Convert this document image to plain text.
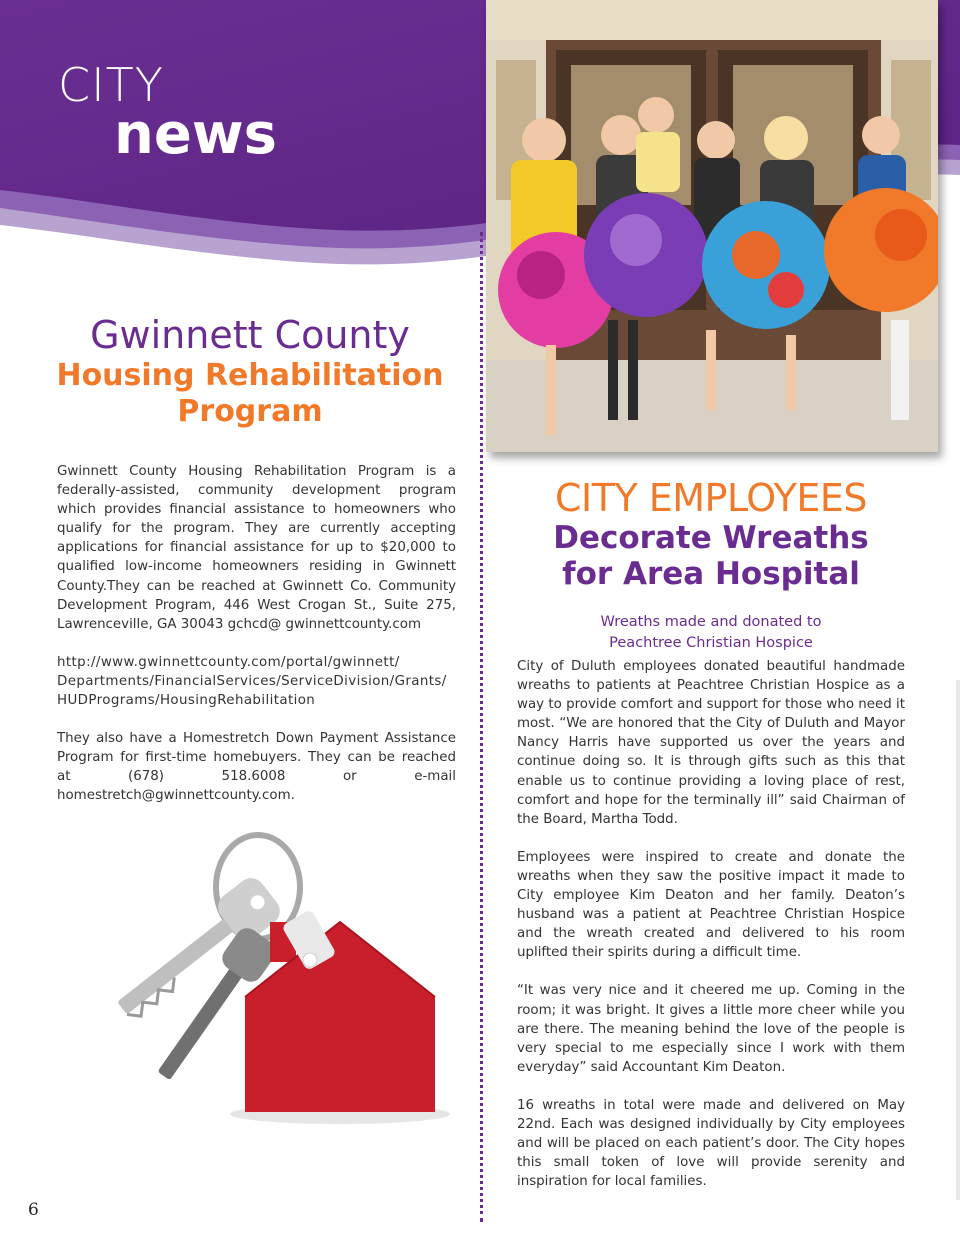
CITY
news
Gwinnett County
Housing Rehabilitation
Program

Gwinnett County Housing Rehabilitation Program is a federally-assisted, community development program which provides financial assistance to homeowners who qualify for the program. They are currently accepting applications for financial assistance for up to $20,000 to qualified low-income homeowners residing in Gwinnett County.They can be reached at Gwinnett Co. Community Development Program, 446 West Crogan St., Suite 275, Lawrenceville, GA 30043 gchcd@ gwinnettcounty.com

http://www.gwinnettcounty.com/portal/gwinnett/ Departments/FinancialServices/ServiceDivision/Grants/ HUDPrograms/HousingRehabilitation

They also have a Homestretch Down Payment Assistance Program for first-time homebuyers. They can be reached at (678) 518.6008 or e-mail homestretch@gwinnettcounty.com.

CITY EMPLOYEES
Decorate Wreaths
for Area Hospital
Wreaths made and donated to
Peachtree Christian Hospice

City of Duluth employees donated beautiful handmade wreaths to patients at Peachtree Christian Hospice as a way to provide comfort and support for those who need it most. “We are honored that the City of Duluth and Mayor Nancy Harris have supported us over the years and continue doing so. It is through gifts such as this that enable us to continue providing a loving place of rest, comfort and hope for the terminally ill” said Chairman of the Board, Martha Todd.

Employees were inspired to create and donate the wreaths when they saw the positive impact it made to City employee Kim Deaton and her family. Deaton’s husband was a patient at Peachtree Christian Hospice and the wreath created and delivered to his room uplifted their spirits during a difficult time.

“It was very nice and it cheered me up. Coming in the room; it was bright. It gives a little more cheer while you are there. The meaning behind the love of the people is very special to me especially since I work with them everyday” said Accountant Kim Deaton.

16 wreaths in total were made and delivered on May 22nd. Each was designed individually by City employees and will be placed on each patient’s door. The City hopes this small token of love will provide serenity and inspiration for local families.

6
